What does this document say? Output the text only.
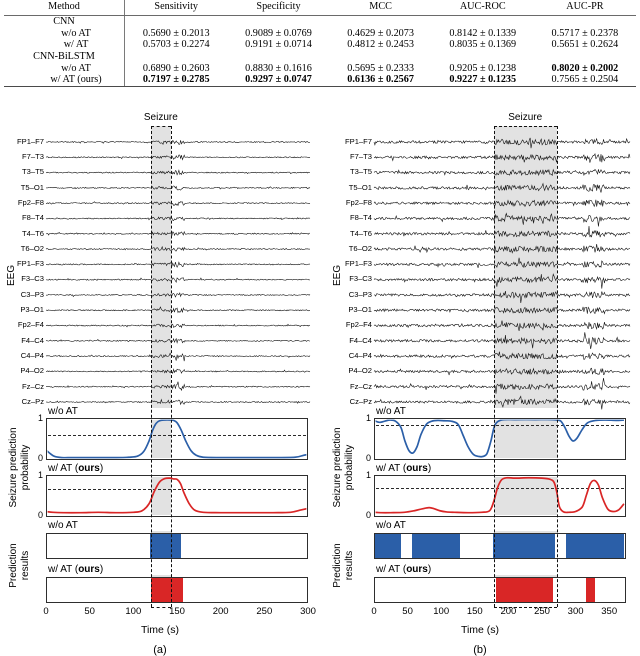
Method	Sensitivity	Specificity	MCC	AUC-ROC	AUC-PR
CNN					
w/o AT	0.5690 ± 0.2013	0.9089 ± 0.0769	0.4629 ± 0.2073	0.8142 ± 0.1339	0.5717 ± 0.2378
w/ AT	0.5703 ± 0.2274	0.9191 ± 0.0714	0.4812 ± 0.2453	0.8035 ± 0.1369	0.5651 ± 0.2624
CNN-BiLSTM					
w/o AT	0.6890 ± 0.2603	0.8830 ± 0.1616	0.5695 ± 0.2333	0.9205 ± 0.1238	0.8020 ± 0.2002
w/ AT (ours)	0.7197 ± 0.2785	0.9297 ± 0.0747	0.6136 ± 0.2567	0.9227 ± 0.1235	0.7565 ± 0.2504
Seizure
EEG
FP1–F7
F7–T3
T3–T5
T5–O1
Fp2–F8
F8–T4
T4–T6
T6–O2
FP1–F3
F3–C3
C3–P3
P3–O1
Fp2–F4
F4–C4
C4–P4
P4–O2
Fz–Cz
Cz–Pz
w/o AT
1
0
w/ AT (ours)
1
0
w/o AT
w/ AT (ours)
0	50	100	150	200	250	300
Time (s)
(a)
Seizure prediction probability
Prediction results
Seizure
EEG
FP1–F7
F7–T3
T3–T5
T5–O1
Fp2–F8
F8–T4
T4–T6
T6–O2
FP1–F3
F3–C3
C3–P3
P3–O1
Fp2–F4
F4–C4
C4–P4
P4–O2
Fz–Cz
Cz–Pz
w/o AT
1
0
w/ AT (ours)
1
0
w/o AT
w/ AT (ours)
0	50	100	150	200	250	300	350
Time (s)
(b)
Seizure prediction probability
Prediction results
